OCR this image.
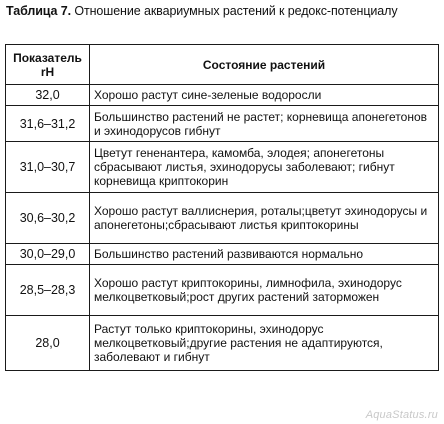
Таблица 7. Отношение аквариумных растений к редокс-потенциалу
Показатель
rH	Состояние растений
32,0	Хорошо растут сине-зеленые водоросли
31,6–31,2	Большинство растений не растет; корневища апонегетонов и эхинодорусов гибнут
31,0–30,7	Цветут гененантера, камомба, элодея; апонегетоны сбрасывают листья, эхинодорусы заболевают; гибнут корневища криптокорин
30,6–30,2	Хорошо растут валлиснерия, роталы;цветут эхинодорусы и апонегетоны;сбрасывают листья криптокорины
30,0–29,0	Большинство растений развиваются нормально
28,5–28,3	Хорошо растут криптокорины, лимнофила, эхинодорус мелкоцветковый;рост других растений заторможен
28,0	Растут только криптокорины, эхинодорус мелкоцветковый;другие растения не адаптируются, заболевают и гибнут
AquaStatus.ru
